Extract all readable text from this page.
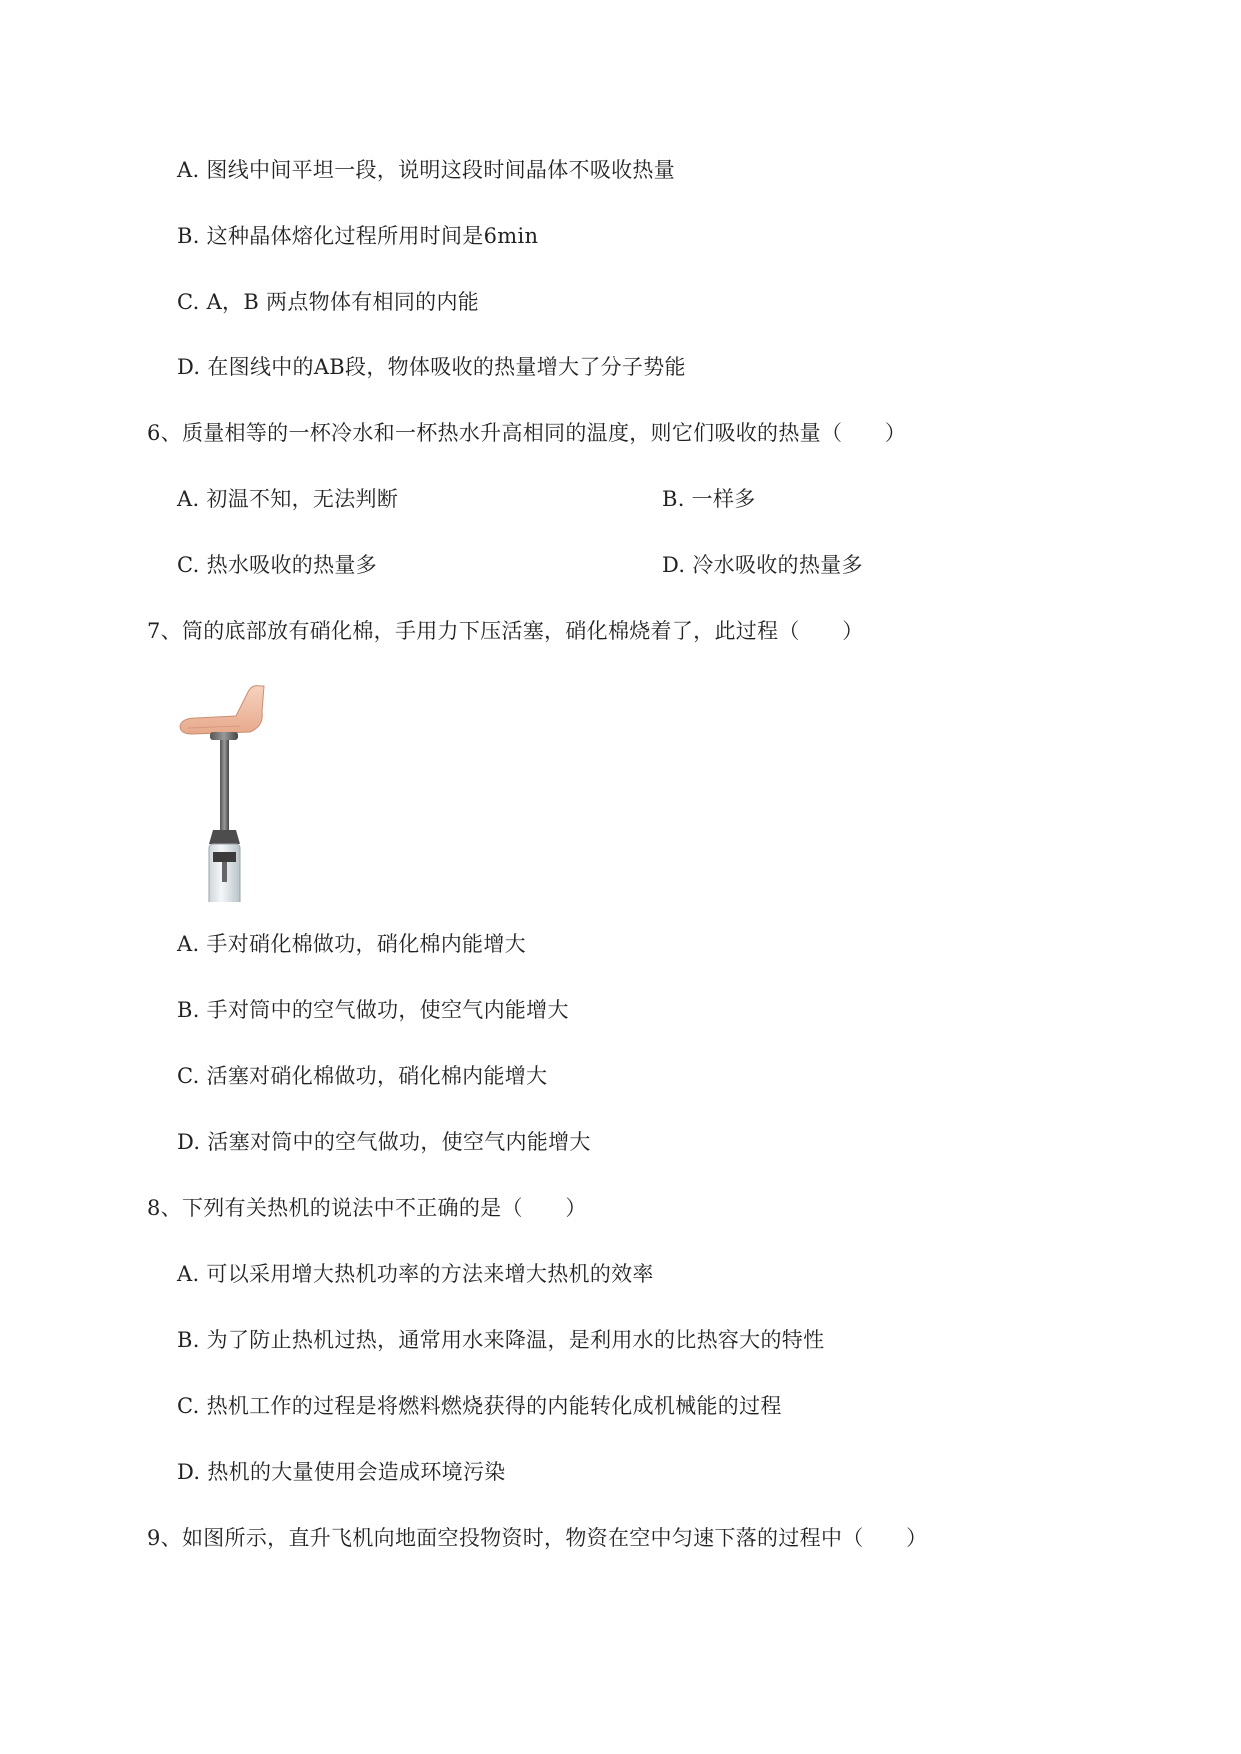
A. 图线中间平坦一段，说明这段时间晶体不吸收热量
B. 这种晶体熔化过程所用时间是6min
C. A，B 两点物体有相同的内能
D. 在图线中的AB段，物体吸收的热量增大了分子势能
6、质量相等的一杯冷水和一杯热水升高相同的温度，则它们吸收的热量（　　）
A. 初温不知，无法判断	B. 一样多
C. 热水吸收的热量多	D. 冷水吸收的热量多
7、筒的底部放有硝化棉，手用力下压活塞，硝化棉烧着了，此过程（　　）
A. 手对硝化棉做功，硝化棉内能增大
B. 手对筒中的空气做功，使空气内能增大
C. 活塞对硝化棉做功，硝化棉内能增大
D. 活塞对筒中的空气做功，使空气内能增大
8、下列有关热机的说法中不正确的是（　　）
A. 可以采用增大热机功率的方法来增大热机的效率
B. 为了防止热机过热，通常用水来降温，是利用水的比热容大的特性
C. 热机工作的过程是将燃料燃烧获得的内能转化成机械能的过程
D. 热机的大量使用会造成环境污染
9、如图所示，直升飞机向地面空投物资时，物资在空中匀速下落的过程中（　　）
